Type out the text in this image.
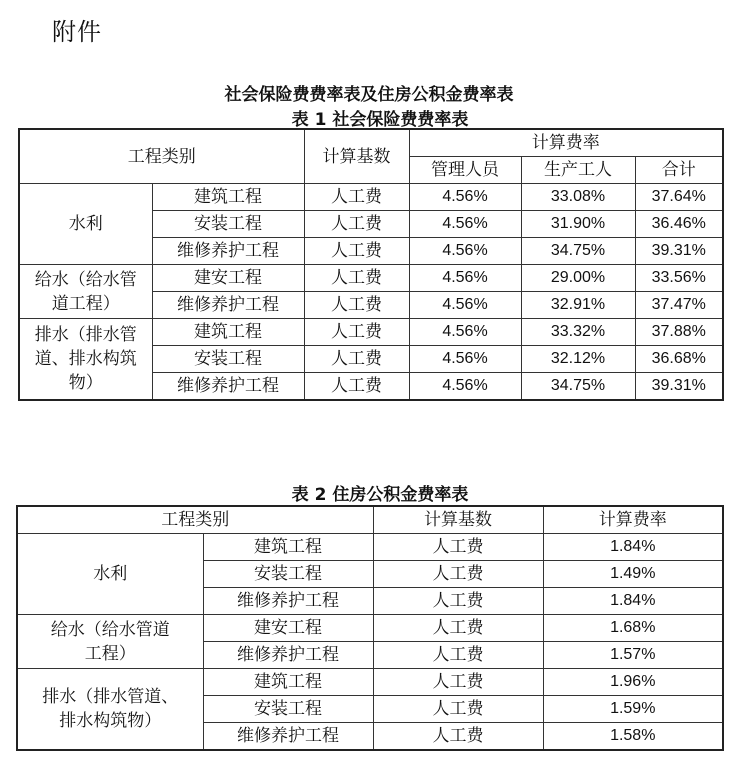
附件
社会保险费费率表及住房公积金费率表
表 1 社会保险费费率表
工程类别		计算基数	计算费率		
			管理人员	生产工人	合计
水利	建筑工程	人工费	4.56%	33.08%	37.64%
	安装工程	人工费	4.56%	31.90%	36.46%
	维修养护工程	人工费	4.56%	34.75%	39.31%

给水（给水管
道工程）	建安工程	人工费	4.56%	29.00%	33.56%
	维修养护工程	人工费	4.56%	32.91%	37.47%

排水（排水管
道、排水构筑
物）	建筑工程	人工费	4.56%	33.32%	37.88%
	安装工程	人工费	4.56%	32.12%	36.68%
	维修养护工程	人工费	4.56%	34.75%	39.31%
表 2 住房公积金费率表
工程类别		计算基数	计算费率
水利	建筑工程	人工费	1.84%
	安装工程	人工费	1.49%
	维修养护工程	人工费	1.84%

给水（给水管道
工程）	建安工程	人工费	1.68%
	维修养护工程	人工费	1.57%

排水（排水管道、
排水构筑物）	建筑工程	人工费	1.96%
	安装工程	人工费	1.59%
	维修养护工程	人工费	1.58%
